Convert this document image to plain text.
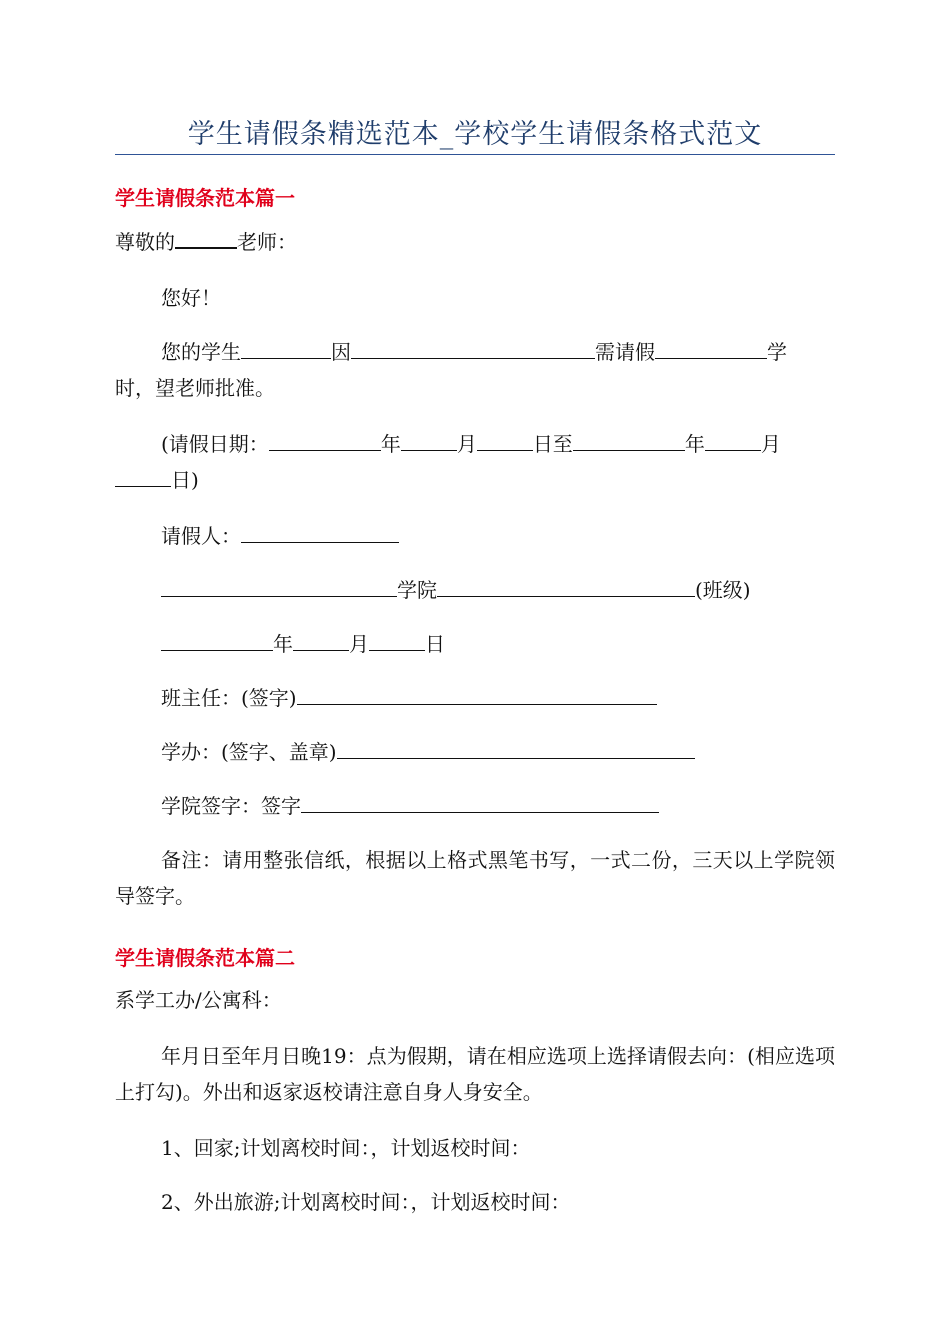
学生请假条精选范本_学校学生请假条格式范文
学生请假条范本篇一
尊敬的	老师：
您好！
您的学生	因	需请假	学
时，望老师批准。
(请假日期：	年	月	日至	年	月
日)
请假人：
学院	(班级)
年	月	日
班主任：(签字)
学办：(签字、盖章)
学院签字：签字
备注：请用整张信纸，根据以上格式黑笔书写，一式二份，三天以上学院领导签字。
学生请假条范本篇二
系学工办/公寓科：
年月日至年月日晚19：点为假期，请在相应选项上选择请假去向：(相应选项上打勾)。外出和返家返校请注意自身人身安全。
1、回家;计划离校时间：，计划返校时间：
2、外出旅游;计划离校时间：，计划返校时间：
